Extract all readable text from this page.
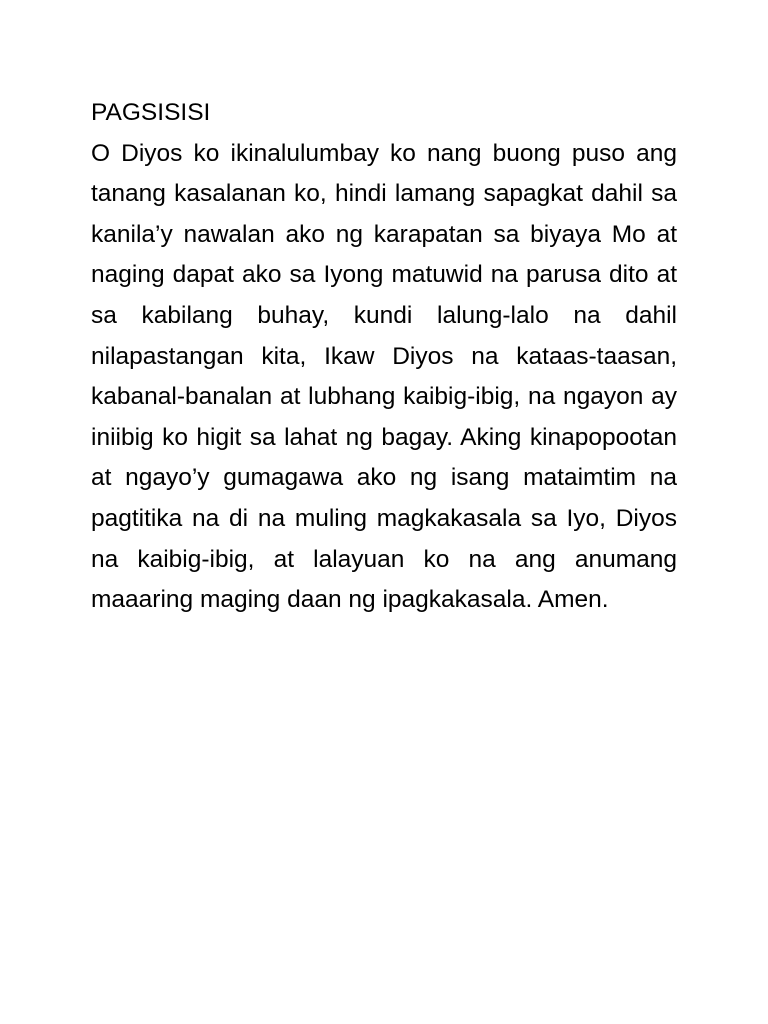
PAGSISISI

O Diyos ko ikinalulumbay ko nang buong puso ang tanang kasalanan ko, hindi lamang sapagkat dahil sa kanila’y nawalan ako ng karapatan sa biyaya Mo at naging dapat ako sa Iyong matuwid na parusa dito at sa kabilang buhay, kundi lalung-lalo na dahil nilapastangan kita, Ikaw Diyos na kataas-taasan, kabanal-banalan at lubhang kaibig-ibig, na ngayon ay iniibig ko higit sa lahat ng bagay. Aking kinapopootan at ngayo’y gumagawa ako ng isang mataimtim na pagtitika na di na muling magkakasala sa Iyo, Diyos na kaibig-ibig, at lalayuan ko na ang anumang maaaring maging daan ng ipagkakasala. Amen.
